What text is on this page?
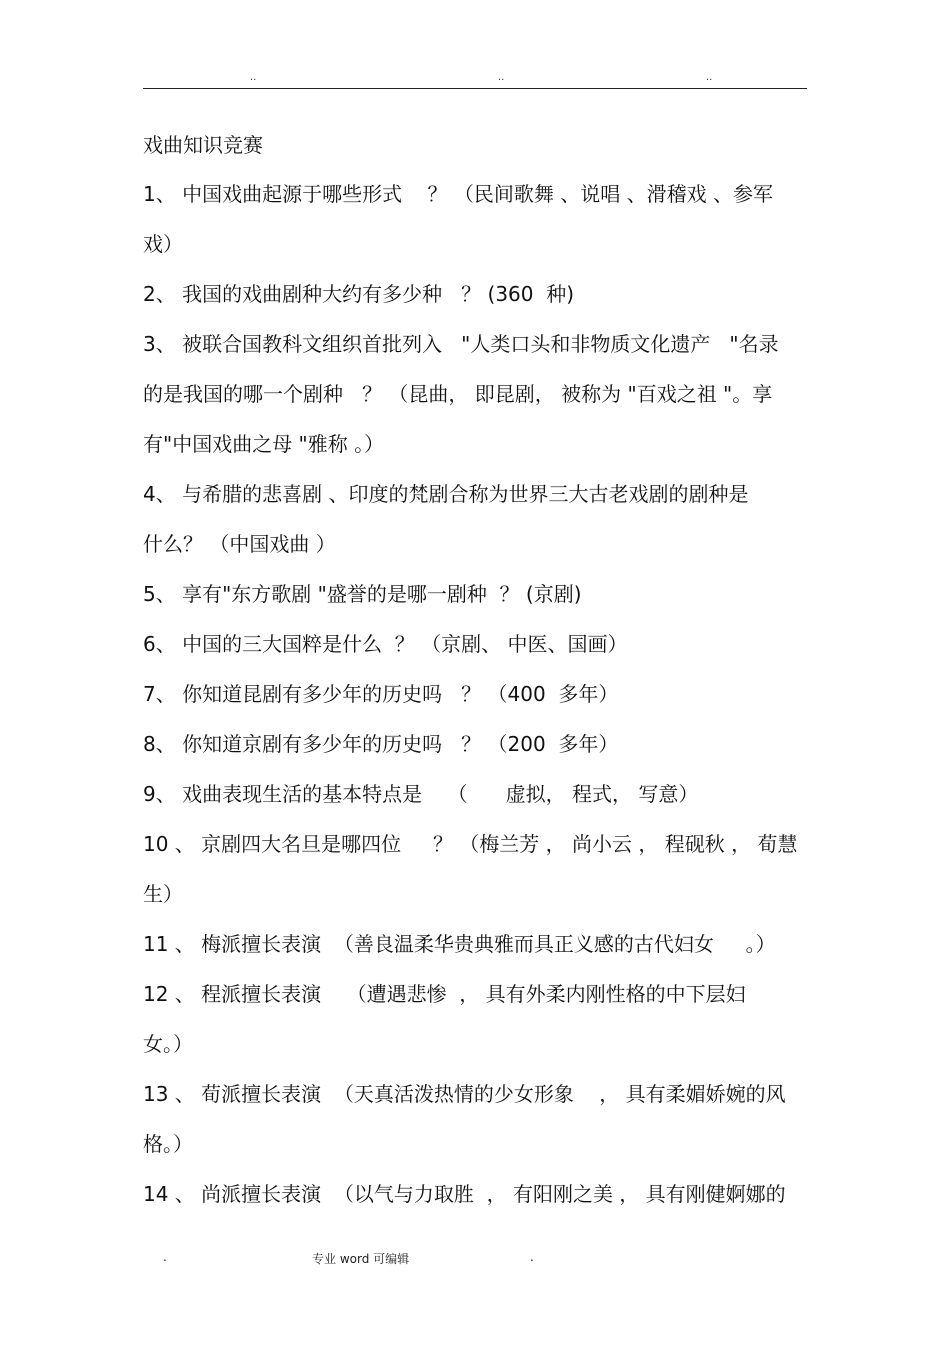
..	..	..
戏曲知识竞赛
1、 中国戏曲起源于哪些形式    ？ （民间歌舞 、说唱 、滑稽戏 、参军
戏）
2、 我国的戏曲剧种大约有多少种   ？ (360  种)
3、 被联合国教科文组织首批列入   "人类口头和非物质文化遗产   "名录
的是我国的哪一个剧种   ？ （昆曲， 即昆剧， 被称为 "百戏之祖 "。享
有"中国戏曲之母 "雅称 。）
4、 与希腊的悲喜剧 、印度的梵剧合称为世界三大古老戏剧的剧种是
什么？ （中国戏曲 ）
5、 享有"东方歌剧 "盛誉的是哪一剧种  ？ (京剧)
6、 中国的三大国粹是什么  ？ （京剧、 中医、国画）
7、 你知道昆剧有多少年的历史吗   ？ （400  多年）
8、 你知道京剧有多少年的历史吗   ？ （200  多年）
9、 戏曲表现生活的基本特点是    （      虚拟， 程式， 写意）
10 、 京剧四大名旦是哪四位     ？ （梅兰芳 ， 尚小云 ， 程砚秋 ， 荀慧
生）
11 、 梅派擅长表演  （善良温柔华贵典雅而具正义感的古代妇女     。）
12 、 程派擅长表演    （遭遇悲惨  ， 具有外柔内刚性格的中下层妇
女。）
13 、 荀派擅长表演  （天真活泼热情的少女形象    ， 具有柔媚娇婉的风
格。）
14 、 尚派擅长表演  （以气与力取胜  ， 有阳刚之美 ， 具有刚健婀娜的
.	专业 word 可编辑	.
